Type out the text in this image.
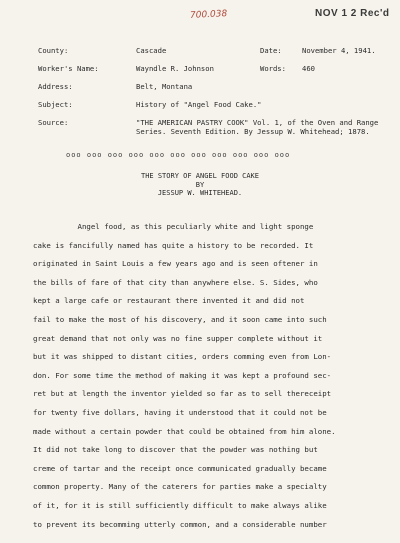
700.038	NOV 1 2 Rec'd
County:	Cascade	Date:	November 4, 1941.
Worker's Name:	Wayndle R. Johnson	Words: 460
Address:	Belt, Montana
Subject:	History of "Angel Food Cake."
Source:	"THE AMERICAN PASTRY COOK" Vol. 1, of the Oven and Range Series. Seventh Edition. By Jessup W. Whitehead; 1878.
ooo ooo ooo ooo ooo ooo ooo ooo ooo ooo ooo
THE STORY OF ANGEL FOOD CAKE
BY
JESSUP W. WHITEHEAD.
Angel food, as this peculiarly white and light sponge
cake is fancifully named has quite a history to be recorded. It
originated in Saint Louis a few years ago and is seen oftener in
the bills of fare of that city than anywhere else. S. Sides, who
kept a large cafe or restaurant there invented it and did not
fail to make the most of his discovery, and it soon came into such
great demand that not only was no fine supper complete without it
but it was shipped to distant cities, orders comming even from Lon-
don. For some time the method of making it was kept a profound sec-
ret but at length the inventor yielded so far as to sell thereceipt
for twenty five dollars, having it understood that it could not be
made without a certain powder that could be obtained from him alone.
It did not take long to discover that the powder was nothing but
creme of tartar and the receipt once communicated gradually became
common property. Many of the caterers for parties make a specialty
of it, for it is still sufficiently difficult to make always alike
to prevent its becomming utterly common, and a considerable number
